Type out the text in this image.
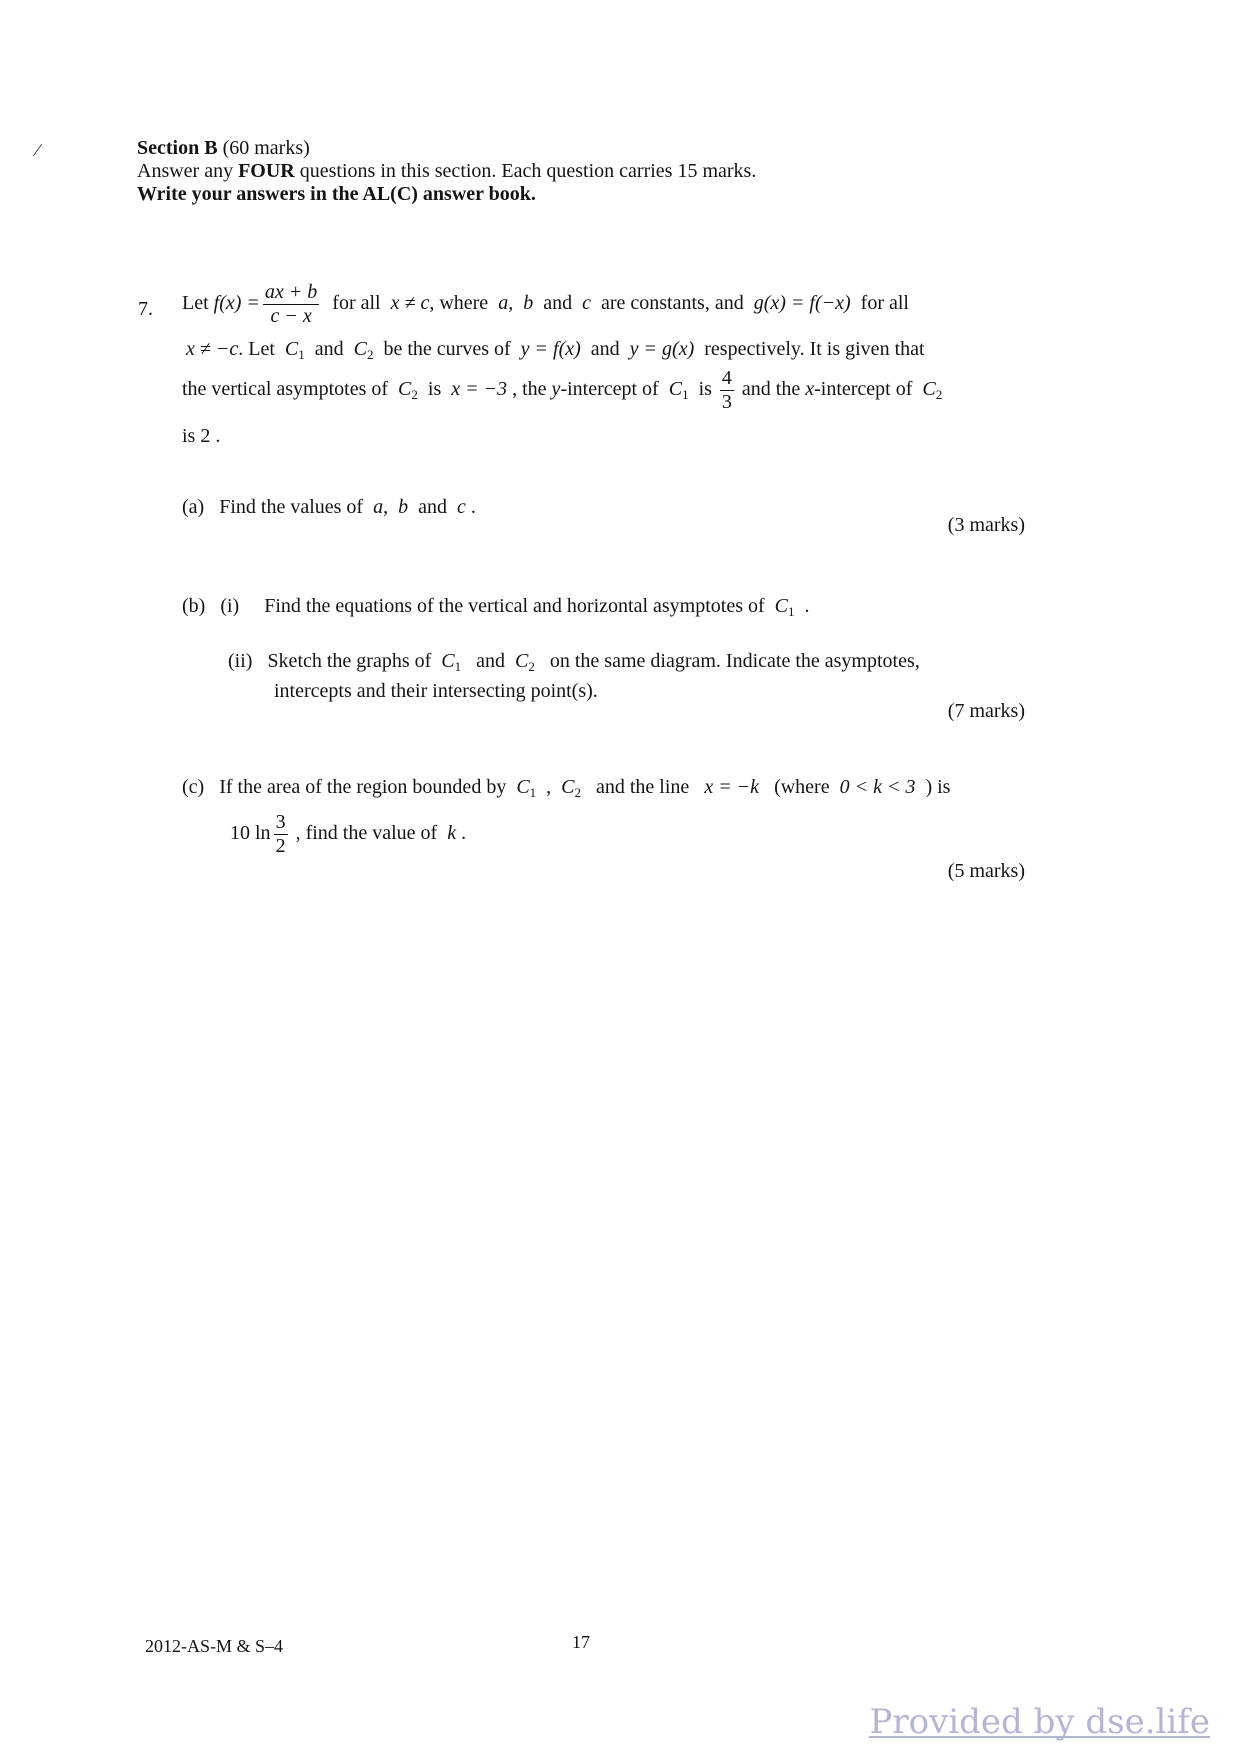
∕	Section B (60 marks)
Answer any FOUR questions in this section. Each question carries 15 marks.
Write your answers in the AL(C) answer book.
7. Let $f(x) = \frac{ax + b}{c - x}$ for all x ≠ c, where a, b and c are constants, and g(x) = f(−x) for all
x ≠ −c. Let $C_1$ and $C_2$ be the curves of y = f(x) and y = g(x) respectively. It is given that
the vertical asymptotes of $C_2$ is x = −3 , the y-intercept of $C_1$ is $\frac{4}{3}$ and the x-intercept of $C_2$
is 2 .
(a) Find the values of a, b and c .
(3 marks)
(b) (i) Find the equations of the vertical and horizontal asymptotes of $C_1$ .
(ii) Sketch the graphs of $C_1$ and $C_2$ on the same diagram. Indicate the asymptotes,
intercepts and their intersecting point(s).
(7 marks)
(c) If the area of the region bounded by $C_1$ , $C_2$ and the line x = −k (where 0 < k < 3 ) is
10 $\ln \frac{3}{2}$ , find the value of k .
(5 marks)
2012-AS-M & S–4	17
Provided by dse.life
